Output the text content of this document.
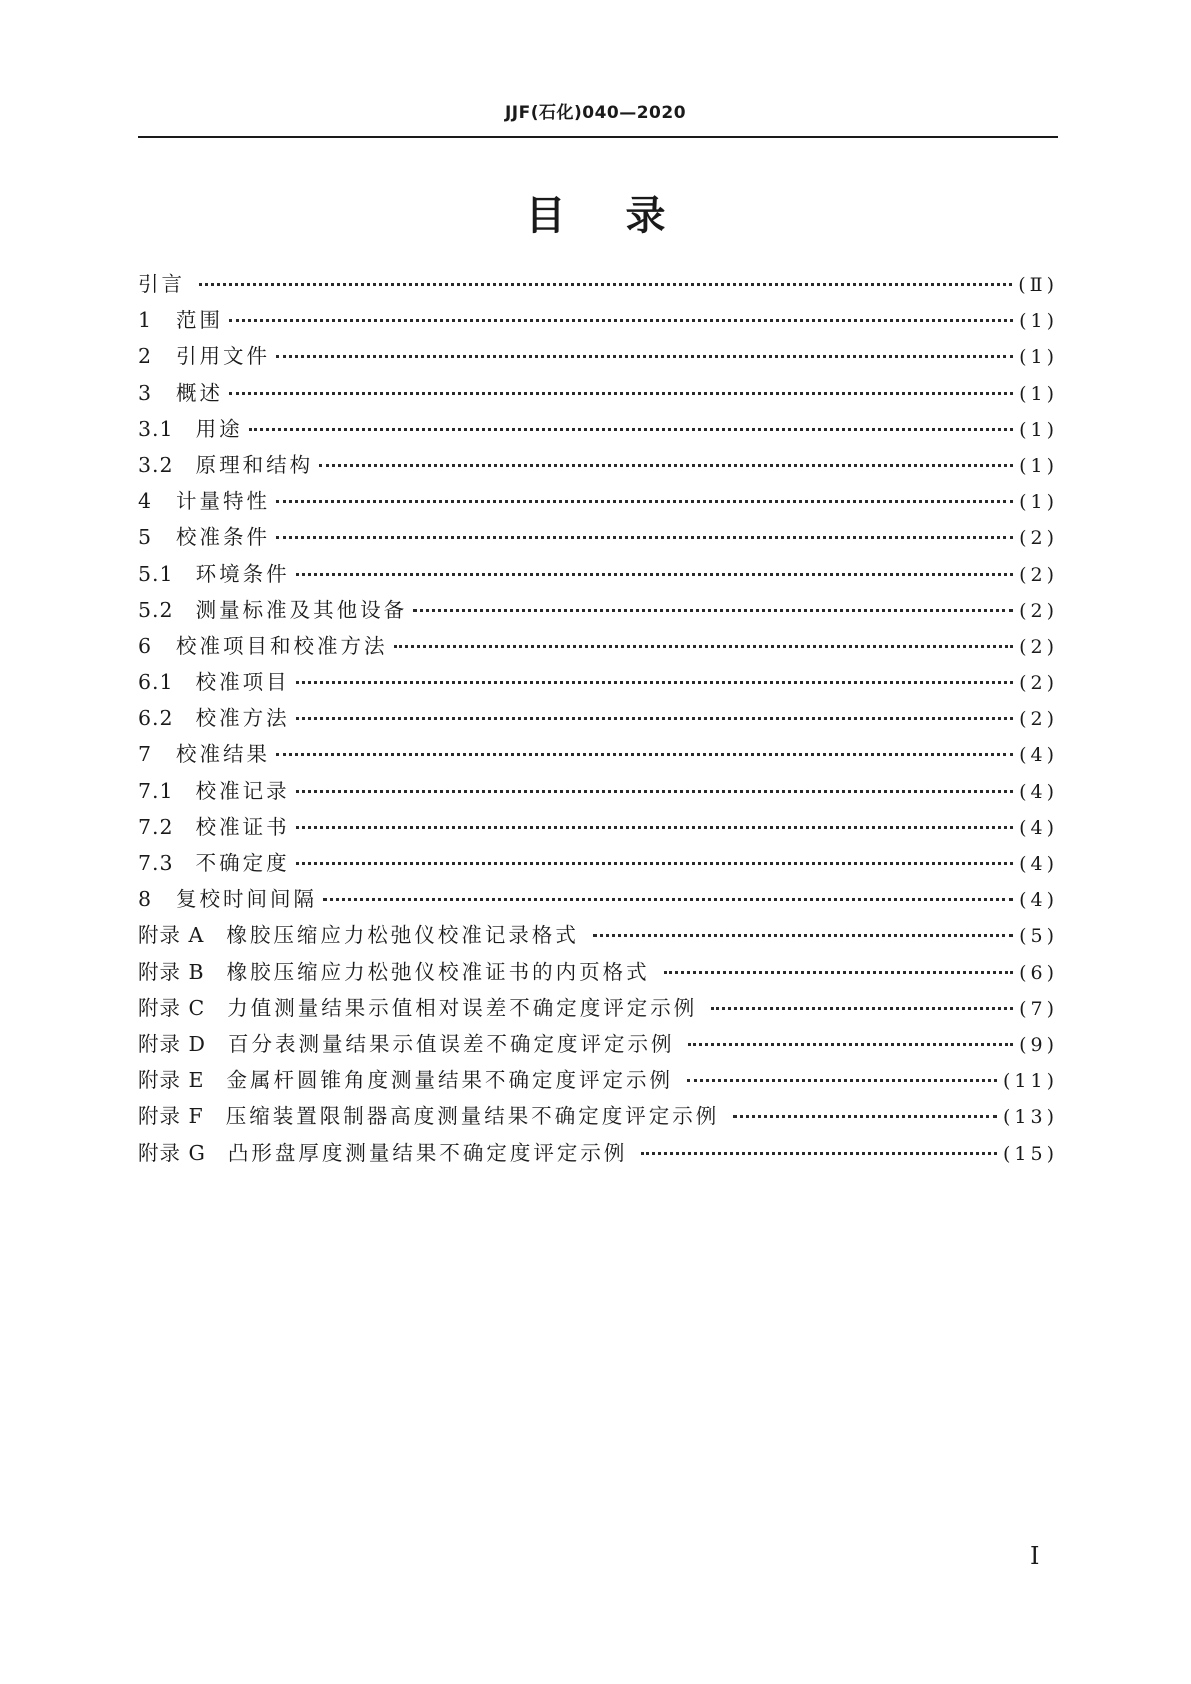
JJF(石化)040—2020
目录
引言	(Ⅱ)
1 范围	(1)
2 引用文件	(1)
3 概述	(1)
3.1 用途	(1)
3.2 原理和结构	(1)
4 计量特性	(1)
5 校准条件	(2)
5.1 环境条件	(2)
5.2 测量标准及其他设备	(2)
6 校准项目和校准方法	(2)
6.1 校准项目	(2)
6.2 校准方法	(2)
7 校准结果	(4)
7.1 校准记录	(4)
7.2 校准证书	(4)
7.3 不确定度	(4)
8 复校时间间隔	(4)
附录 A 橡胶压缩应力松弛仪校准记录格式	(5)
附录 B 橡胶压缩应力松弛仪校准证书的内页格式	(6)
附录 C 力值测量结果示值相对误差不确定度评定示例	(7)
附录 D 百分表测量结果示值误差不确定度评定示例	(9)
附录 E 金属杆圆锥角度测量结果不确定度评定示例	(11)
附录 F 压缩装置限制器高度测量结果不确定度评定示例	(13)
附录 G 凸形盘厚度测量结果不确定度评定示例	(15)
I
